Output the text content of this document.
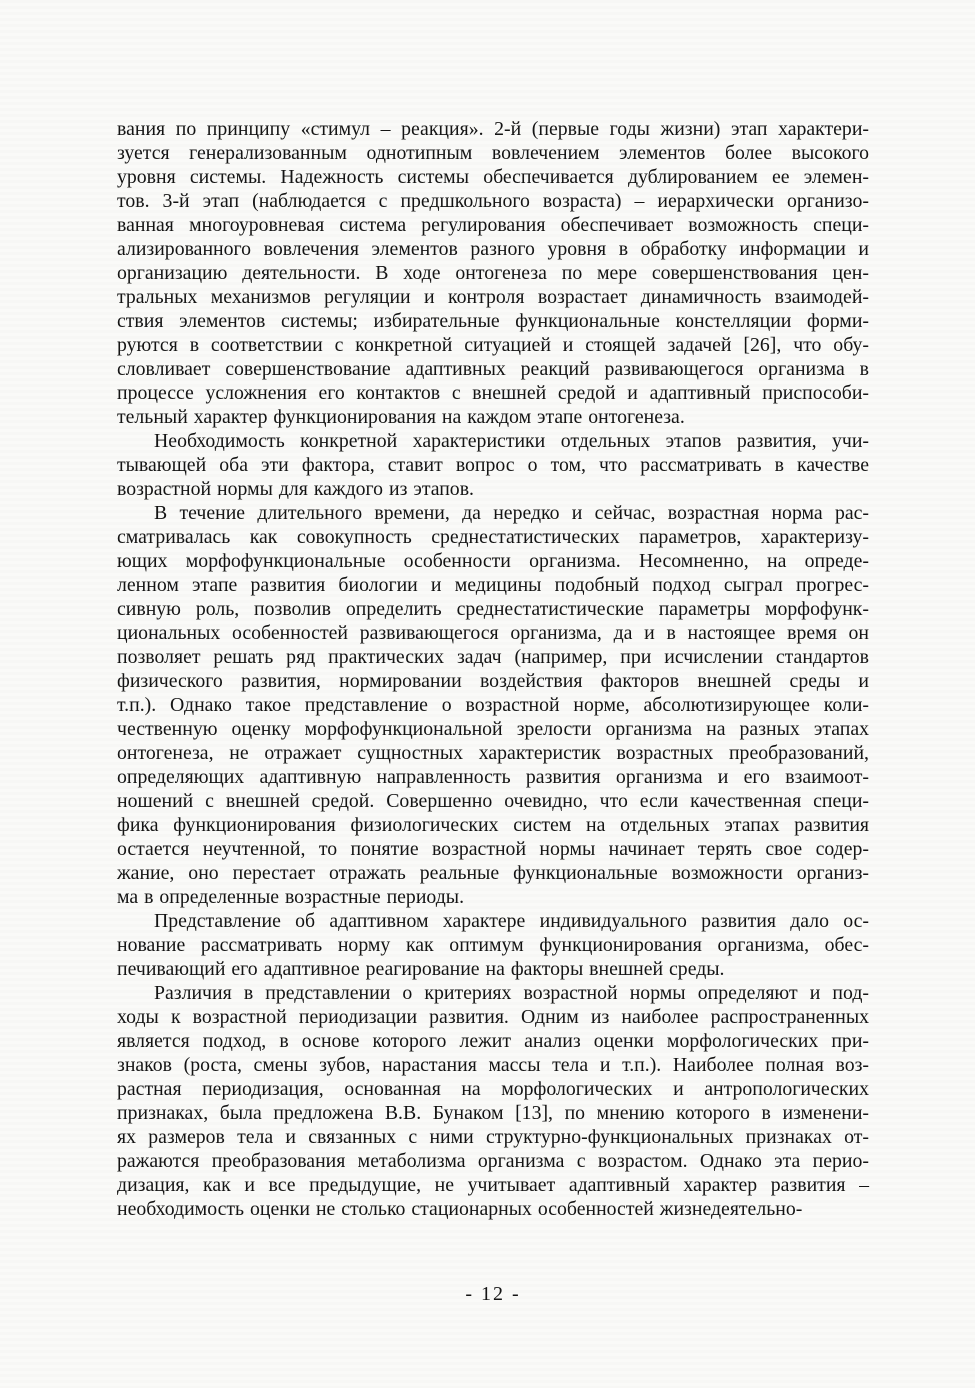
вания по принципу «стимул – реакция». 2-й (первые годы жизни) этап характери-
зуется генерализованным однотипным вовлечением элементов более высокого
уровня системы. Надежность системы обеспечивается дублированием ее элемен-
тов. 3-й этап (наблюдается с предшкольного возраста) – иерархически организо-
ванная многоуровневая система регулирования обеспечивает возможность специ-
ализированного вовлечения элементов разного уровня в обработку информации и
организацию деятельности. В ходе онтогенеза по мере совершенствования цен-
тральных механизмов регуляции и контроля возрастает динамичность взаимодей-
ствия элементов системы; избирательные функциональные констелляции форми-
руются в соответствии с конкретной ситуацией и стоящей задачей [26], что обу-
словливает совершенствование адаптивных реакций развивающегося организма в
процессе усложнения его контактов с внешней средой и адаптивный приспособи-
тельный характер функционирования на каждом этапе онтогенеза.
Необходимость конкретной характеристики отдельных этапов развития, учи-
тывающей оба эти фактора, ставит вопрос о том, что рассматривать в качестве
возрастной нормы для каждого из этапов.
В течение длительного времени, да нередко и сейчас, возрастная норма рас-
сматривалась как совокупность среднестатистических параметров, характеризу-
ющих морфофункциональные особенности организма. Несомненно, на опреде-
ленном этапе развития биологии и медицины подобный подход сыграл прогрес-
сивную роль, позволив определить среднестатистические параметры морфофунк-
циональных особенностей развивающегося организма, да и в настоящее время он
позволяет решать ряд практических задач (например, при исчислении стандартов
физического развития, нормировании воздействия факторов внешней среды и
т.п.). Однако такое представление о возрастной норме, абсолютизирующее коли-
чественную оценку морфофункциональной зрелости организма на разных этапах
онтогенеза, не отражает сущностных характеристик возрастных преобразований,
определяющих адаптивную направленность развития организма и его взаимоот-
ношений с внешней средой. Совершенно очевидно, что если качественная специ-
фика функционирования физиологических систем на отдельных этапах развития
остается неучтенной, то понятие возрастной нормы начинает терять свое содер-
жание, оно перестает отражать реальные функциональные возможности организ-
ма в определенные возрастные периоды.
Представление об адаптивном характере индивидуального развития дало ос-
нование рассматривать норму как оптимум функционирования организма, обес-
печивающий его адаптивное реагирование на факторы внешней среды.
Различия в представлении о критериях возрастной нормы определяют и под-
ходы к возрастной периодизации развития. Одним из наиболее распространенных
является подход, в основе которого лежит анализ оценки морфологических при-
знаков (роста, смены зубов, нарастания массы тела и т.п.). Наиболее полная воз-
растная периодизация, основанная на морфологических и антропологических
признаках, была предложена В.В. Бунаком [13], по мнению которого в изменени-
ях размеров тела и связанных с ними структурно-функциональных признаках от-
ражаются преобразования метаболизма организма с возрастом. Однако эта перио-
дизация, как и все предыдущие, не учитывает адаптивный характер развития –
необходимость оценки не столько стационарных особенностей жизнедеятельно-
- 12 -
